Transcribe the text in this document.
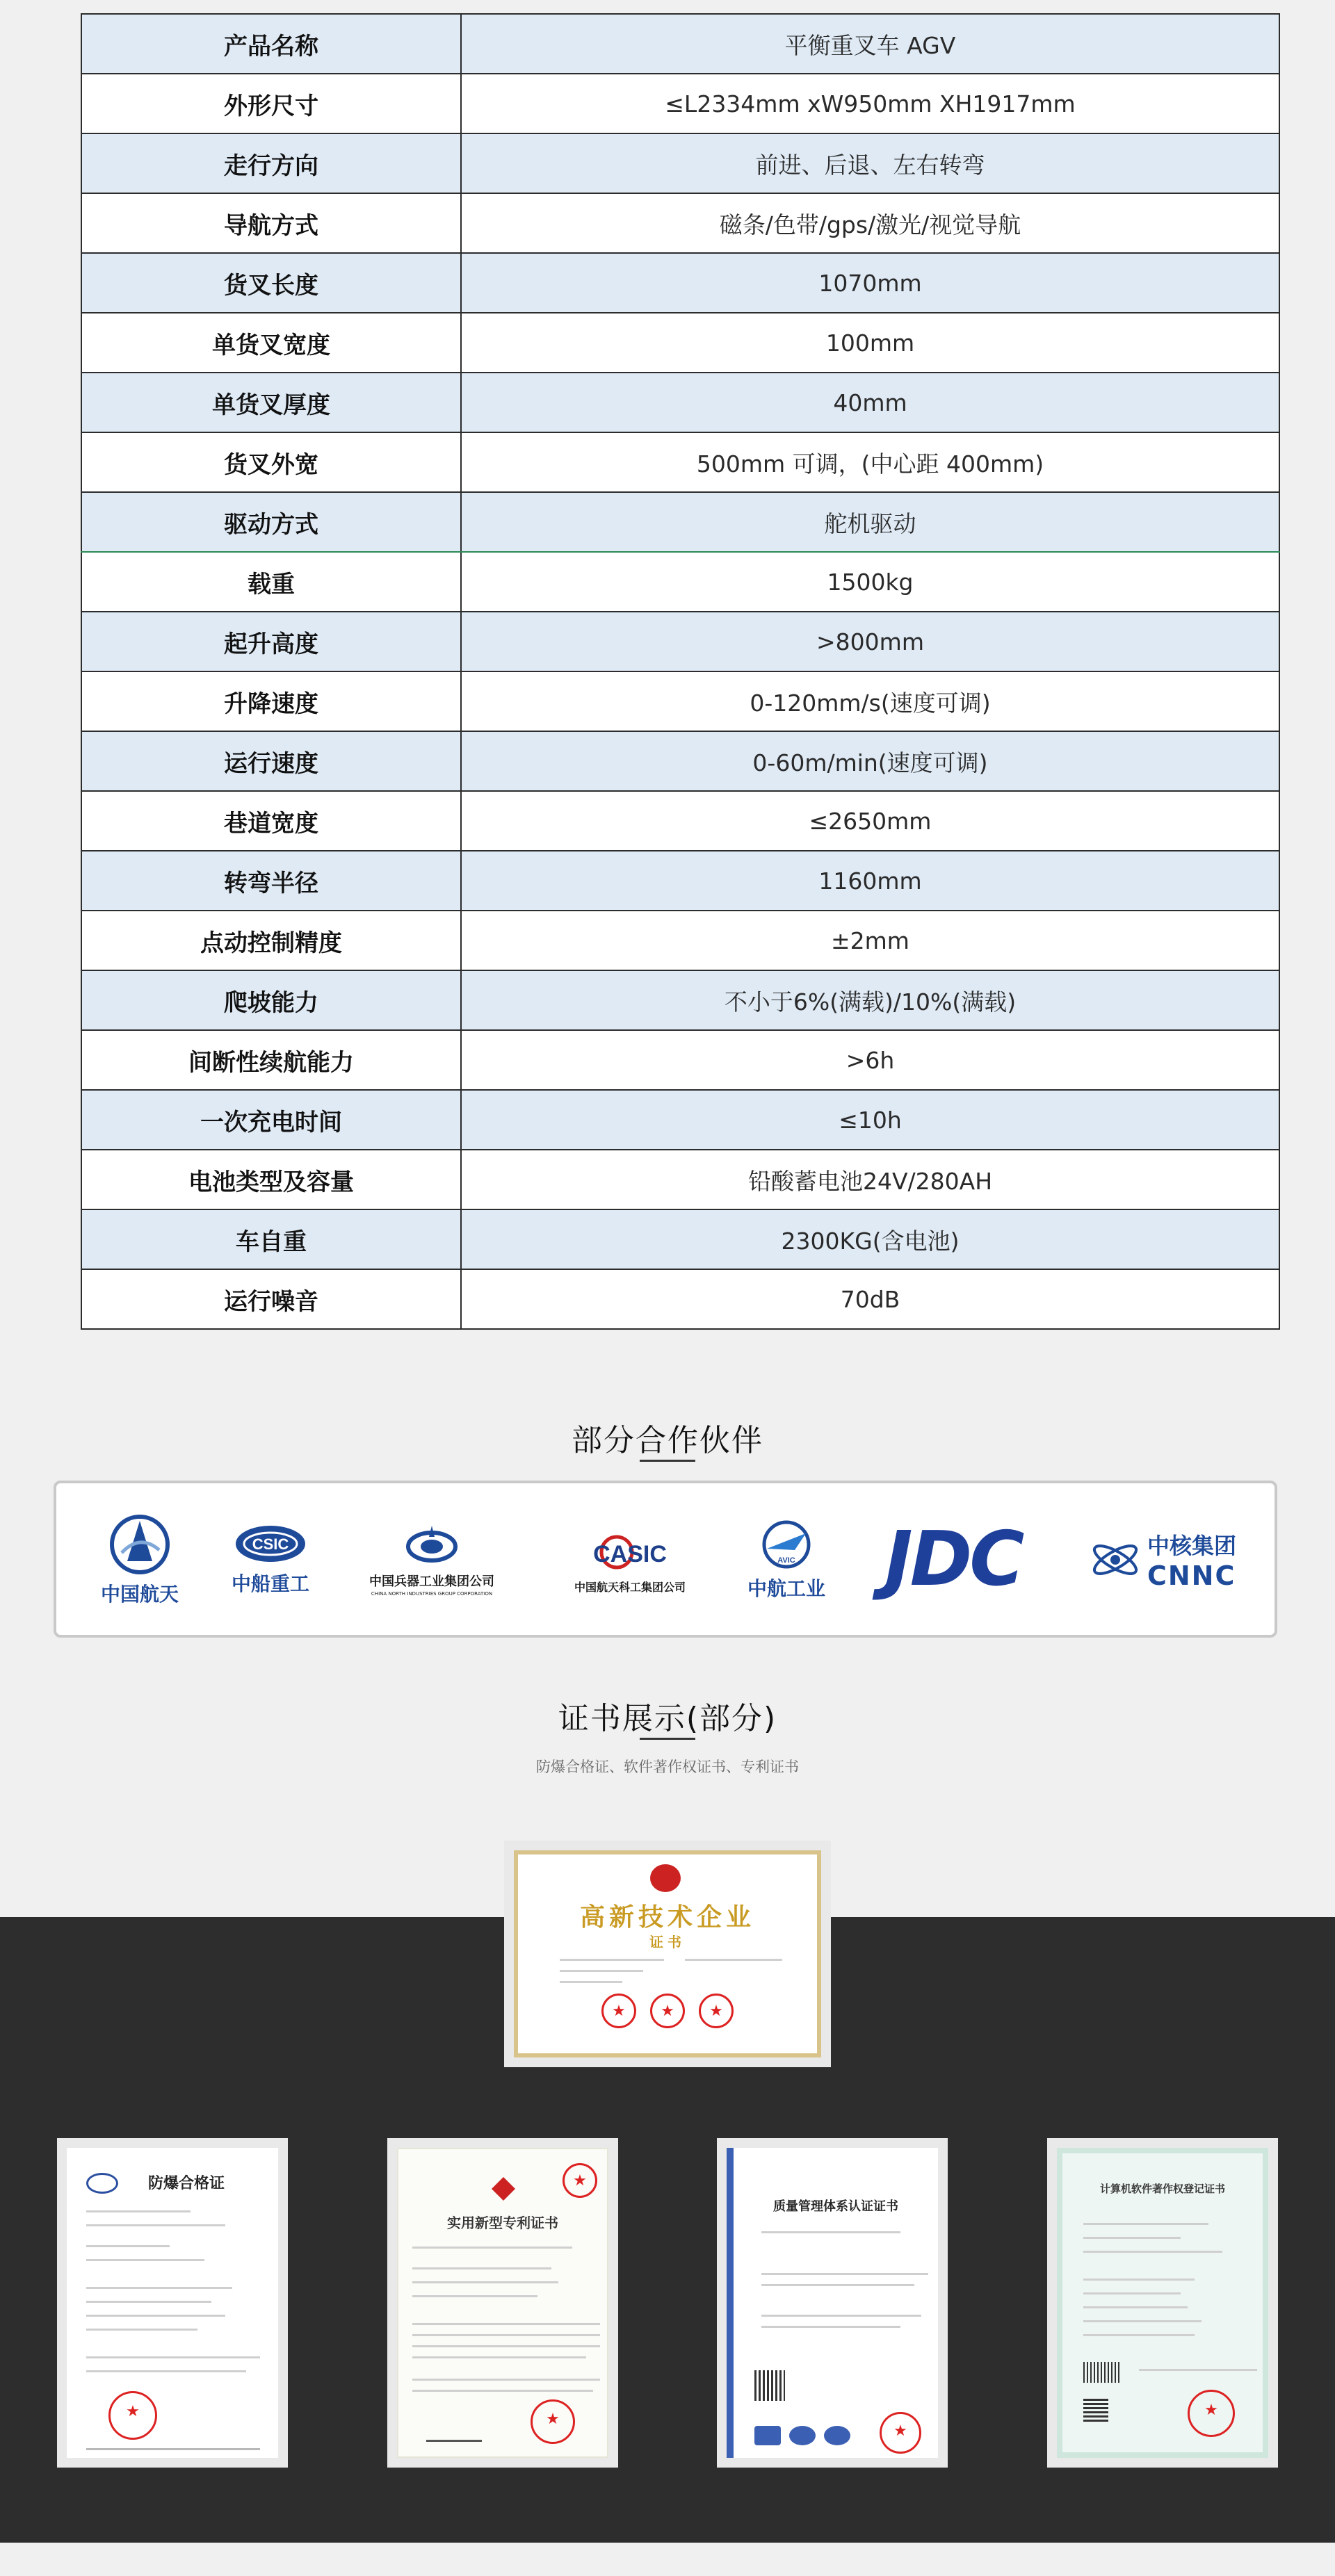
产品名称	平衡重叉车 AGV
外形尺寸	≤L2334mm xW950mm XH1917mm
走行方向	前进、后退、左右转弯
导航方式	磁条/色带/gps/激光/视觉导航
货叉长度	1070mm
单货叉宽度	100mm
单货叉厚度	40mm
货叉外宽	500mm 可调，(中心距 400mm)
驱动方式	舵机驱动
载重	1500kg
起升高度	>800mm
升降速度	0-120mm/s(速度可调)
运行速度	0-60m/min(速度可调)
巷道宽度	≤2650mm
转弯半径	1160mm
点动控制精度	±2mm
爬坡能力	不小于6%(满载)/10%(满载)
间断性续航能力	>6h
一次充电时间	≤10h
电池类型及容量	铅酸蓄电池24V/280AH
车自重	2300KG(含电池)
运行噪音	70dB
部分合作伙伴
中国航天
CSIC
中船重工	中国兵器工业集团公司
CHINA NORTH INDUSTRIES GROUP CORPORATION
CASIC
中国航天科工集团公司
AVIC
中航工业 JDC	中核集团
CNNC
证书展示(部分)
防爆合格证、软件著作权证书、专利证书
高新技术企业
证书
★
★
★
防爆合格证
★
★
实用新型专利证书
★
质量管理体系认证证书
★
计算机软件著作权登记证书
★
